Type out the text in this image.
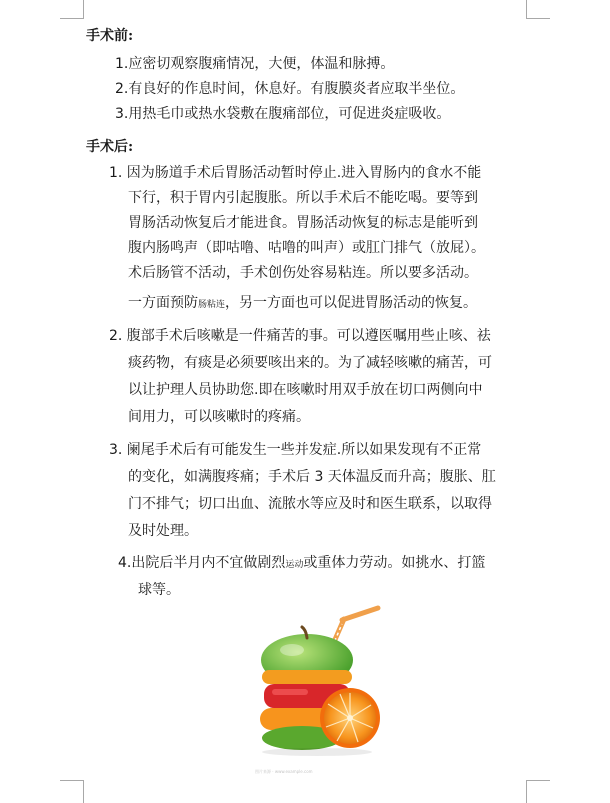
手术前:
1.应密切观察腹痛情况，大便，体温和脉搏。
2.有良好的作息时间，休息好。有腹膜炎者应取半坐位。
3.用热毛巾或热水袋敷在腹痛部位，可促进炎症吸收。
手术后:
1. 因为肠道手术后胃肠活动暂时停止.进入胃肠内的食水不能
下行，积于胃内引起腹胀。所以手术后不能吃喝。要等到
胃肠活动恢复后才能进食。胃肠活动恢复的标志是能听到
腹内肠鸣声（即咕噜、咕噜的叫声）或肛门排气（放屁）。
术后肠管不活动，手术创伤处容易粘连。所以要多活动。
一方面预防肠粘连，另一方面也可以促进胃肠活动的恢复。
2. 腹部手术后咳嗽是一件痛苦的事。可以遵医嘱用些止咳、祛
痰药物，有痰是必须要咳出来的。为了减轻咳嗽的痛苦，可
以让护理人员协助您.即在咳嗽时用双手放在切口两侧向中
间用力，可以咳嗽时的疼痛。
3. 阑尾手术后有可能发生一些并发症.所以如果发现有不正常
的变化，如满腹疼痛；手术后 3 天体温反而升高；腹胀、肛
门不排气；切口出血、流脓水等应及时和医生联系，以取得
及时处理。
4.出院后半月内不宜做剧烈运动或重体力劳动。如挑水、打篮
球等。
图片来源 · www.example.com
